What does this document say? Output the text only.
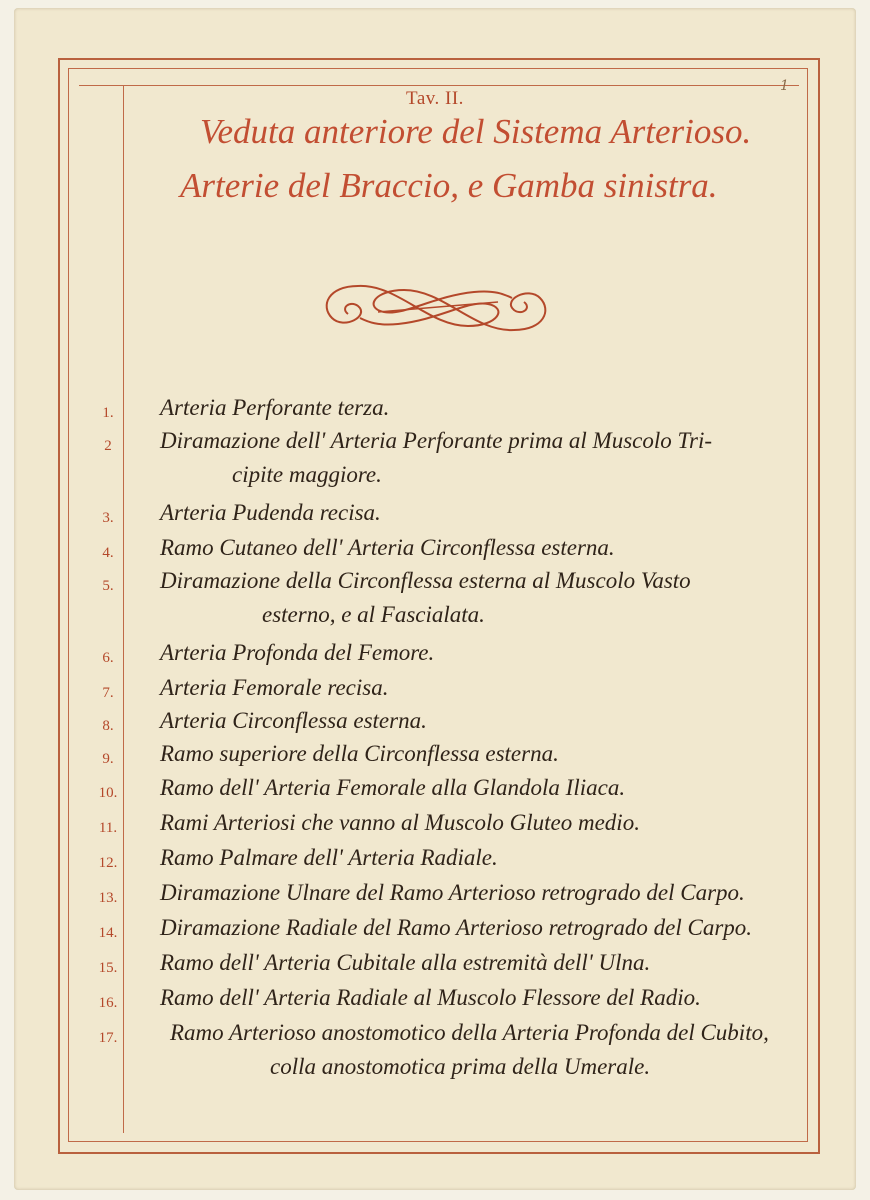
1
Tav. II.
Veduta anteriore del Sistema Arterioso.
Arterie del Braccio, e Gamba sinistra.
1.	Arteria Perforante terza.
2	Diramazione dell' Arteria Perforante prima al Muscolo Tri-
cipite maggiore.
3.	Arteria Pudenda recisa.
4.	Ramo Cutaneo dell' Arteria Circonflessa esterna.
5.	Diramazione della Circonflessa esterna al Muscolo Vasto
esterno, e al Fascialata.
6.	Arteria Profonda del Femore.
7.	Arteria Femorale recisa.
8.	Arteria Circonflessa esterna.
9.	Ramo superiore della Circonflessa esterna.
10.	Ramo dell' Arteria Femorale alla Glandola Iliaca.
11.	Rami Arteriosi che vanno al Muscolo Gluteo medio.
12.	Ramo Palmare dell' Arteria Radiale.
13.	Diramazione Ulnare del Ramo Arterioso retrogrado del Carpo.
14.	Diramazione Radiale del Ramo Arterioso retrogrado del Carpo.
15.	Ramo dell' Arteria Cubitale alla estremità dell' Ulna.
16.	Ramo dell' Arteria Radiale al Muscolo Flessore del Radio.
17.	Ramo Arterioso anostomotico della Arteria Profonda del Cubito,
colla anostomotica prima della Umerale.
